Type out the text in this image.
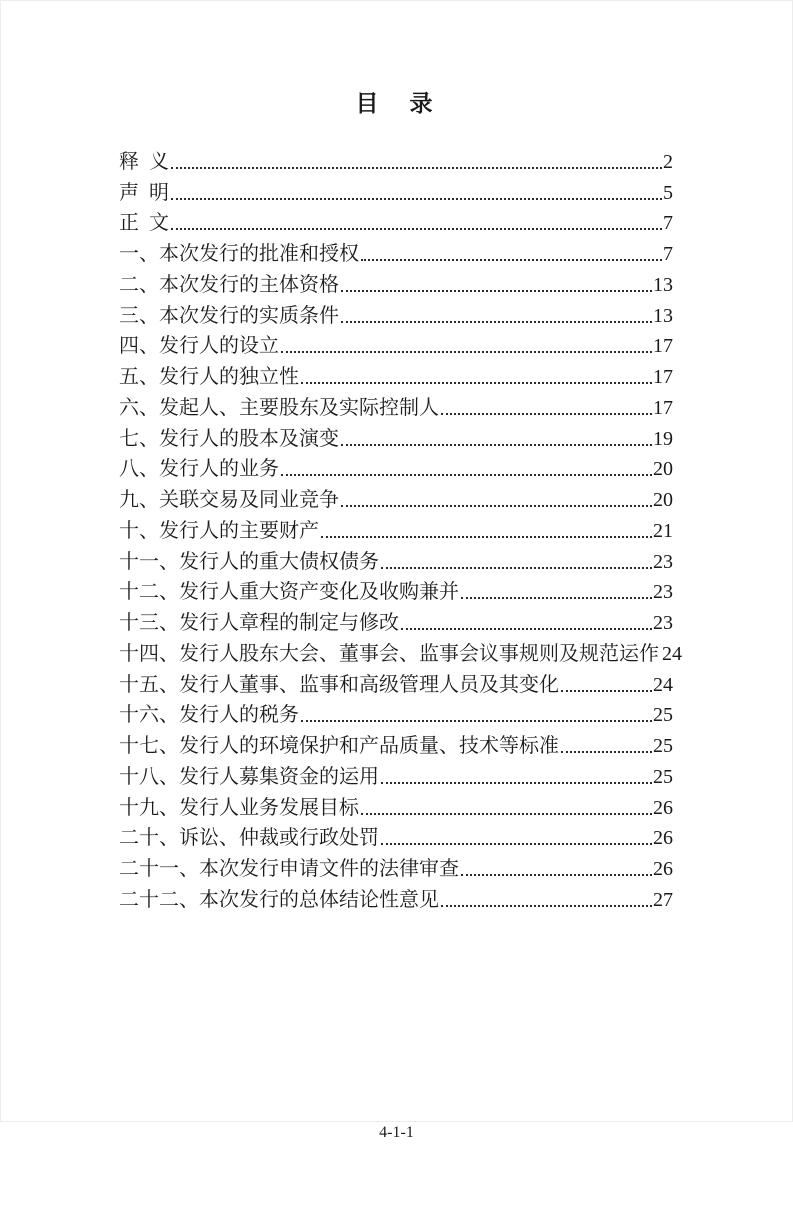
目　录
释  义	2
声  明	5
正  文	7
一、本次发行的批准和授权	7
二、本次发行的主体资格	13
三、本次发行的实质条件	13
四、发行人的设立	17
五、发行人的独立性	17
六、发起人、主要股东及实际控制人	17
七、发行人的股本及演变	19
八、发行人的业务	20
九、关联交易及同业竞争	20
十、发行人的主要财产	21
十一、发行人的重大债权债务	23
十二、发行人重大资产变化及收购兼并	23
十三、发行人章程的制定与修改	23
十四、发行人股东大会、董事会、监事会议事规则及规范运作 24
十五、发行人董事、监事和高级管理人员及其变化	24
十六、发行人的税务	25
十七、发行人的环境保护和产品质量、技术等标准	25
十八、发行人募集资金的运用	25
十九、发行人业务发展目标	26
二十、诉讼、仲裁或行政处罚	26
二十一、本次发行申请文件的法律审查	26
二十二、本次发行的总体结论性意见	27
4-1-1
